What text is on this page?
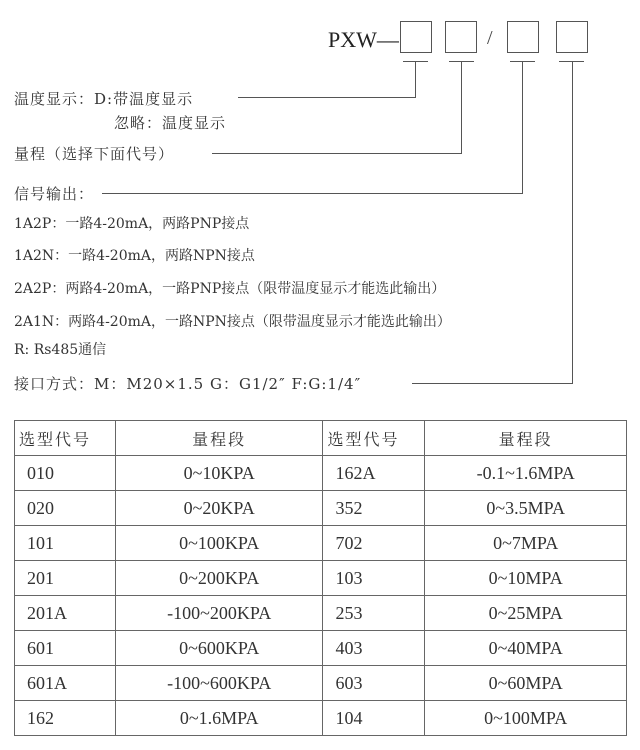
PXW—	/
温度显示：D:带温度显示
忽略：温度显示
量程（选择下面代号）
信号输出：
1A2P：一路4-20mA，两路PNP接点
1A2N：一路4-20mA，两路NPN接点
2A2P：两路4-20mA，一路PNP接点（限带温度显示才能选此输出）
2A1N：两路4-20mA，一路NPN接点（限带温度显示才能选此输出）
R: Rs485通信
接口方式：M：M20×1.5 G：G1/2″ F:G:1/4″
选型代号	量程段	选型代号	量程段
010	0~10KPA	162A	-0.1~1.6MPA
020	0~20KPA	352	0~3.5MPA
101	0~100KPA	702	0~7MPA
201	0~200KPA	103	0~10MPA
201A	-100~200KPA	253	0~25MPA
601	0~600KPA	403	0~40MPA
601A	-100~600KPA	603	0~60MPA
162	0~1.6MPA	104	0~100MPA
